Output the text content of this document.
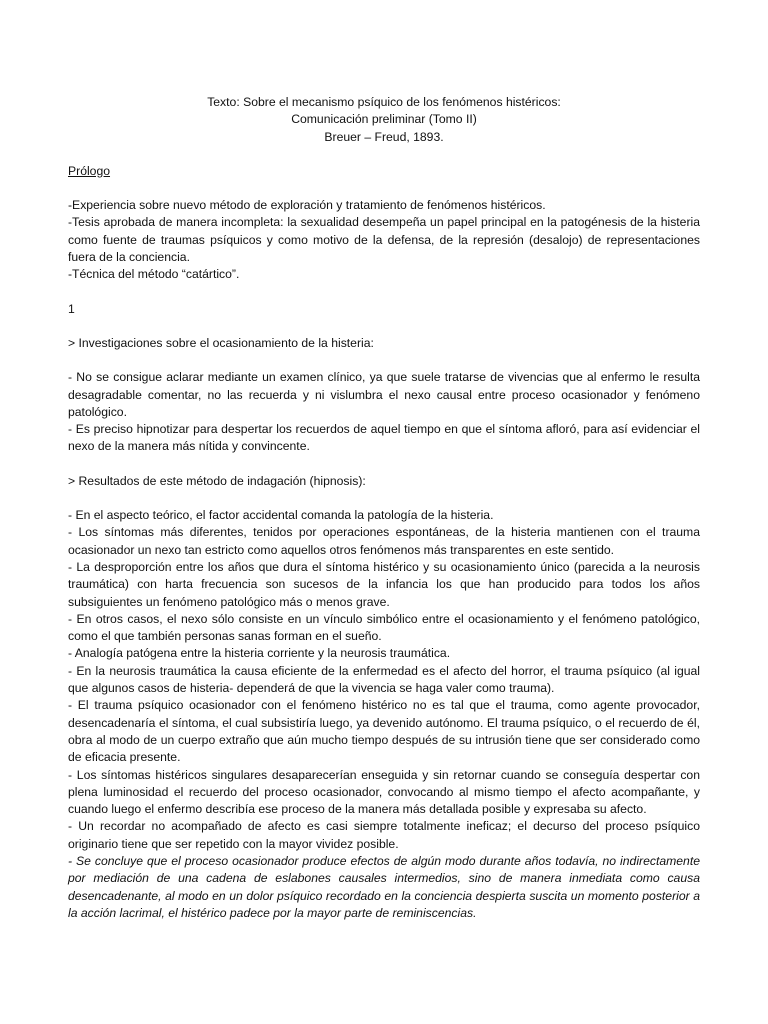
Texto: Sobre el mecanismo psíquico de los fenómenos histéricos:
Comunicación preliminar (Tomo II)
Breuer – Freud, 1893.
Prólogo

-Experiencia sobre nuevo método de exploración y tratamiento de fenómenos histéricos.

-Tesis aprobada de manera incompleta: la sexualidad desempeña un papel principal en la patogénesis de la histeria como fuente de traumas psíquicos y como motivo de la defensa, de la represión (desalojo) de representaciones fuera de la conciencia.

-Técnica del método “catártico”.

1
> Investigaciones sobre el ocasionamiento de la histeria:

- No se consigue aclarar mediante un examen clínico, ya que suele tratarse de vivencias que al enfermo le resulta desagradable comentar, no las recuerda y ni vislumbra el nexo causal entre proceso ocasionador y fenómeno patológico.

- Es preciso hipnotizar para despertar los recuerdos de aquel tiempo en que el síntoma afloró, para así evidenciar el nexo de la manera más nítida y convincente.

> Resultados de este método de indagación (hipnosis):

- En el aspecto teórico, el factor accidental comanda la patología de la histeria.

- Los síntomas más diferentes, tenidos por operaciones espontáneas, de la histeria mantienen con el trauma ocasionador un nexo tan estricto como aquellos otros fenómenos más transparentes en este sentido.

- La desproporción entre los años que dura el síntoma histérico y su ocasionamiento único (parecida a la neurosis traumática) con harta frecuencia son sucesos de la infancia los que han producido para todos los años subsiguientes un fenómeno patológico más o menos grave.

- En otros casos, el nexo sólo consiste en un vínculo simbólico entre el ocasionamiento y el fenómeno patológico, como el que también personas sanas forman en el sueño.

- Analogía patógena entre la histeria corriente y la neurosis traumática.

- En la neurosis traumática la causa eficiente de la enfermedad es el afecto del horror, el trauma psíquico (al igual que algunos casos de histeria- dependerá de que la vivencia se haga valer como trauma).

- El trauma psíquico ocasionador con el fenómeno histérico no es tal que el trauma, como agente provocador, desencadenaría el síntoma, el cual subsistiría luego, ya devenido autónomo. El trauma psíquico, o el recuerdo de él, obra al modo de un cuerpo extraño que aún mucho tiempo después de su intrusión tiene que ser considerado como de eficacia presente.

- Los síntomas histéricos singulares desaparecerían enseguida y sin retornar cuando se conseguía despertar con plena luminosidad el recuerdo del proceso ocasionador, convocando al mismo tiempo el afecto acompañante, y cuando luego el enfermo describía ese proceso de la manera más detallada posible y expresaba su afecto.

- Un recordar no acompañado de afecto es casi siempre totalmente ineficaz; el decurso del proceso psíquico originario tiene que ser repetido con la mayor vividez posible.

- Se concluye que el proceso ocasionador produce efectos de algún modo durante años todavía, no indirectamente por mediación de una cadena de eslabones causales intermedios, sino de manera inmediata como causa desencadenante, al modo en un dolor psíquico recordado en la conciencia despierta suscita un momento posterior a la acción lacrimal, el histérico padece por la mayor parte de reminiscencias.
